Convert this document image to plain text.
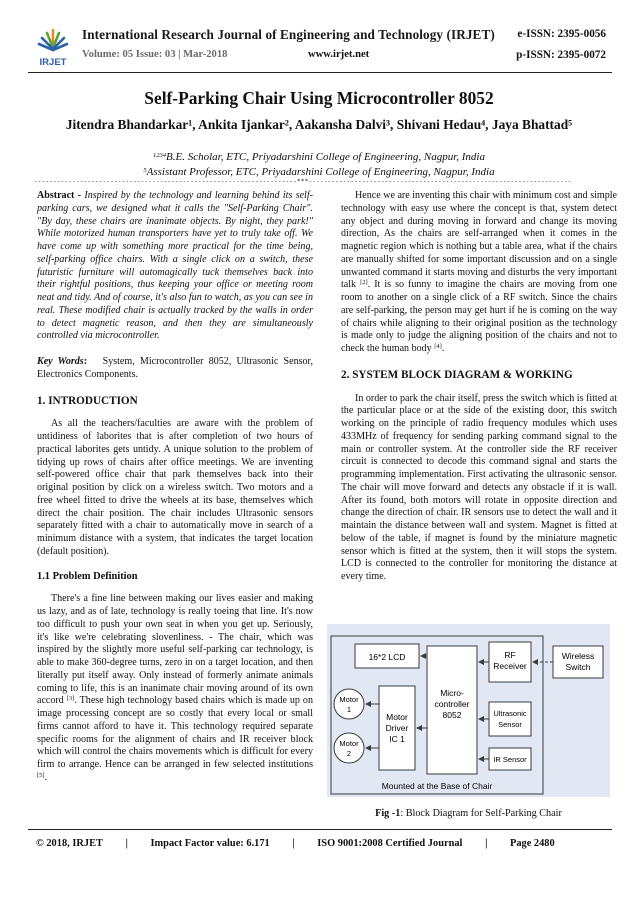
IRJET
International Research Journal of Engineering and Technology (IRJET) e-ISSN: 2395-0056
Volume: 05 Issue: 03 | Mar-2018	www.irjet.net	p-ISSN: 2395-0072
Self-Parking Chair Using Microcontroller 8052
Jitendra Bhandarkar¹, Ankita Ijankar², Aakansha Dalvi³, Shivani Hedau⁴, Jaya Bhattad⁵
$^{1234}$B.E. Scholar, ETC, Priyadarshini College of Engineering, Nagpur, India
$^5$Assistant Professor, ETC, Priyadarshini College of Engineering, Nagpur, India
---------------------------------------------------------------------***---------------------------------------------------------------------

Abstract - Inspired by the technology and learning behind its self-parking cars, we designed what it calls the "Self-Parking Chair". "By day, these chairs are inanimate objects. By night, they park!" While motorized human transporters have yet to truly take off. We have come up with something more practical for the time being, self-parking office chairs. With a single click on a switch, these futuristic furniture will automagically tuck themselves back into their rightful positions, thus keeping your office or meeting room neat and tidy. And of course, it's also fun to watch, as you can see in real. These modified chair is actually tracked by the walls in order to detect magnetic reason, and then they are simultaneously controlled via microcontroller.

Key Words: System, Microcontroller 8052, Ultrasonic Sensor, Electronics Components.

1. INTRODUCTION

As all the teachers/faculties are aware with the problem of untidiness of laborites that is after completion of two hours of practical laborites gets untidy. A unique solution to the problem of tidying up rows of chairs after office meetings. We are inventing self-powered office chair that park themselves back into their original position by click on a wireless switch. Two motors and a free wheel fitted to drive the wheels at its base, themselves which direct the chair position. The chair includes Ultrasonic sensors separately fitted with a chair to automatically move in search of a minimum distance with a system, that indicates the target location (default position).

1.1 Problem Definition

There's a fine line between making our lives easier and making us lazy, and as of late, technology is really toeing that line. It's now too difficult to push your own seat in when you get up. Seriously, it's like we're celebrating slovenliness. - The chair, which was inspired by the slightly more useful self-parking car technology, is able to make 360-degree turns, zero in on a target location, and then literally put itself away. Only instead of formerly animate animals coming to life, this is an inanimate chair moving around of its own accord [3]. These high technology based chairs which is made up on image processing concept are so costly that every local or small firms cannot afford to have it. This technology required separate specific rooms for the alignment of chairs and IR receiver block which will control the chairs movements which is difficult for every firm to arrange. Hence can be arranged in few selected institutions [5].

Hence we are inventing this chair with minimum cost and simple technology with easy use where the concept is that, system detect any object and during moving in forward and change its moving direction, As the chairs are self-arranged when it comes in the magnetic region which is nothing but a table area, what if the chairs are manually shifted for some important discussion and on a single unwanted command it starts moving and disturbs the very important talk [2]. It is so funny to imagine the chairs are moving from one room to another on a single click of a RF switch. Since the chairs are self-parking, the person may get hurt if he is coming on the way of chairs while aligning to their original position as the technology is made only to judge the aligning position of the chairs and not to check the human body [4].

2. SYSTEM BLOCK DIAGRAM & WORKING

In order to park the chair itself, press the switch which is fitted at the particular place or at the side of the existing door, this switch working on the principle of radio frequency modules which uses 433MHz of frequency for sending parking command signal to the main or controller system. At the controller side the RF receiver circuit is connected to decode this command signal and starts the programming implementation. First activating the ultrasonic sensor. The chair will move forward and detects any obstacle if it is wall. After its found, both motors will rotate in opposite direction and change the direction of chair. IR sensors use to detect the wall and it maintain the distance between wall and system. Magnet is fitted at below of the table, if magnet is found by the miniature magnetic sensor which is fitted at the system, then it will stops the system. LCD is connected to the controller for monitoring the distance at every time.

16*2 LCD	RF
Receiver
Wireless
Switch
Micro-
controller
8052	Ultrasonic
Sensor
IR Sensor
Motor
1
Motor
2
Motor
Driver
IC 1
Mounted at the Base of Chair
Fig -1: Block Diagram for Self-Parking Chair
© 2018, IRJET | Impact Factor value: 6.171 | ISO 9001:2008 Certified Journal | Page 2480
